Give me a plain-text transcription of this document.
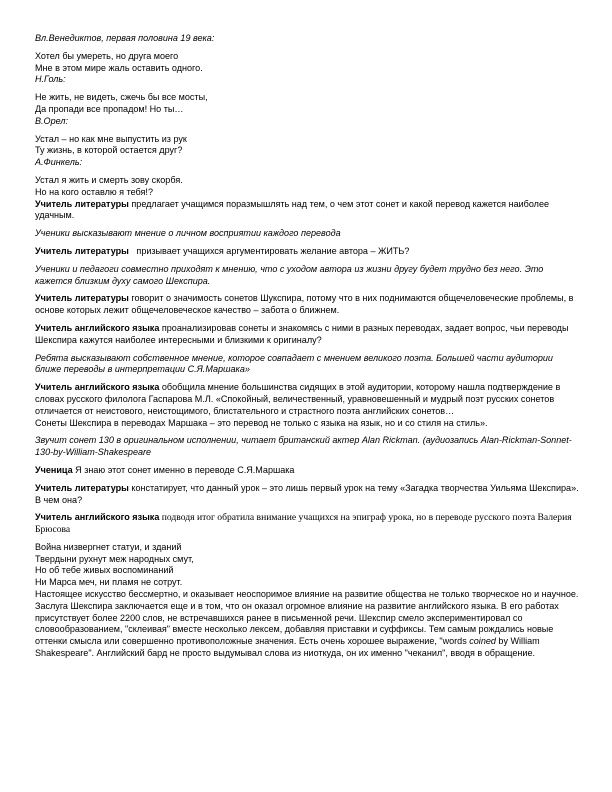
Вл.Венедиктов, первая половина 19 века:

Хотел бы умереть, но друга моего

Мне в этом мире жаль оставить одного.

Н.Голь:

Не жить, не видеть, сжечь бы все мосты,

Да пропади все пропадом! Но ты…

В.Орел:

Устал – но как мне выпустить из рук

Ту жизнь, в которой остается друг?

А.Финкель:

Устал я жить и смерть зову скорбя.

Но на кого оставлю я тебя!?

Учитель литературы предлагает учащимся поразмышлять над тем, о чем этот сонет и какой перевод кажется наиболее удачным.

Ученики высказывают мнение о личном восприятии каждого перевода

Учитель литературы   призывает учащихся аргументировать желание автора – ЖИТЬ?

Ученики и педагоги совместно приходят к мнению, что с уходом автора из жизни другу будет трудно без него. Это кажется близким духу самого Шекспира.

Учитель литературы говорит о значимость сонетов Шукспира, потому что в них поднимаются общечеловеческие проблемы, в основе которых лежит общечеловеческое качество – забота о ближнем.

Учитель английского языка проанализировав сонеты и знакомясь с ними в разных переводах, задает вопрос, чьи переводы Шекспира кажутся наиболее интересными и близкими к оригиналу?

Ребята высказывают собственное мнение, которое совпадает с мнением великого поэта. Большей части аудитории ближе переводы в интерпретации С.Я.Маршака»

Учитель английского языка обобщила мнение большинства сидящих в этой аудитории, которому нашла подтверждение в словах русского филолога Гаспарова М.Л. «Спокойный, величественный, уравновешенный и мудрый поэт русских сонетов отличается от неистового, неистощимого, блистательного и страстного поэта английских сонетов…

Сонеты Шекспира в переводах Маршака – это перевод не только с языка на язык, но и со стиля на стиль».

Звучит сонет 130 в оригинальном исполнении, читает британский актер Alan Rickman. (аудиозапись Alan-Rickman-Sonnet-130-by-William-Shakespeare

Ученица Я знаю этот сонет именно в переводе С.Я.Маршака

Учитель литературы констатирует, что данный урок – это лишь первый урок на тему «Загадка творчества Уильяма Шекспира». В чем она?

Учитель английского языка подводя итог обратила внимание учащихся на эпиграф урока, но в переводе русского поэта Валерия Брюсова

Война низвергнет статуи, и зданий

Твердыни рухнут меж народных смут,

Но об тебе живых воспоминаний

Ни Марса меч, ни пламя не сотрут.

Настоящее искусство бессмертно, и оказывает неоспоримое влияние на развитие общества не только творческое но и научное.

Заслуга Шекспира заключается еще и в том, что он оказал огромное влияние на развитие английского языка. В его работах присутствует более 2200 слов, не встречавшихся ранее в письменной речи. Шекспир смело экспериментировал со словообразованием, "склеивая" вместе несколько лексем, добавляя приставки и суффиксы. Тем самым рождались новые оттенки смысла или совершенно противоположные значения. Есть очень хорошее выражение, "words coined by William Shakespeare". Английский бард не просто выдумывал слова из ниоткуда, он их именно "чеканил", вводя в обращение.
